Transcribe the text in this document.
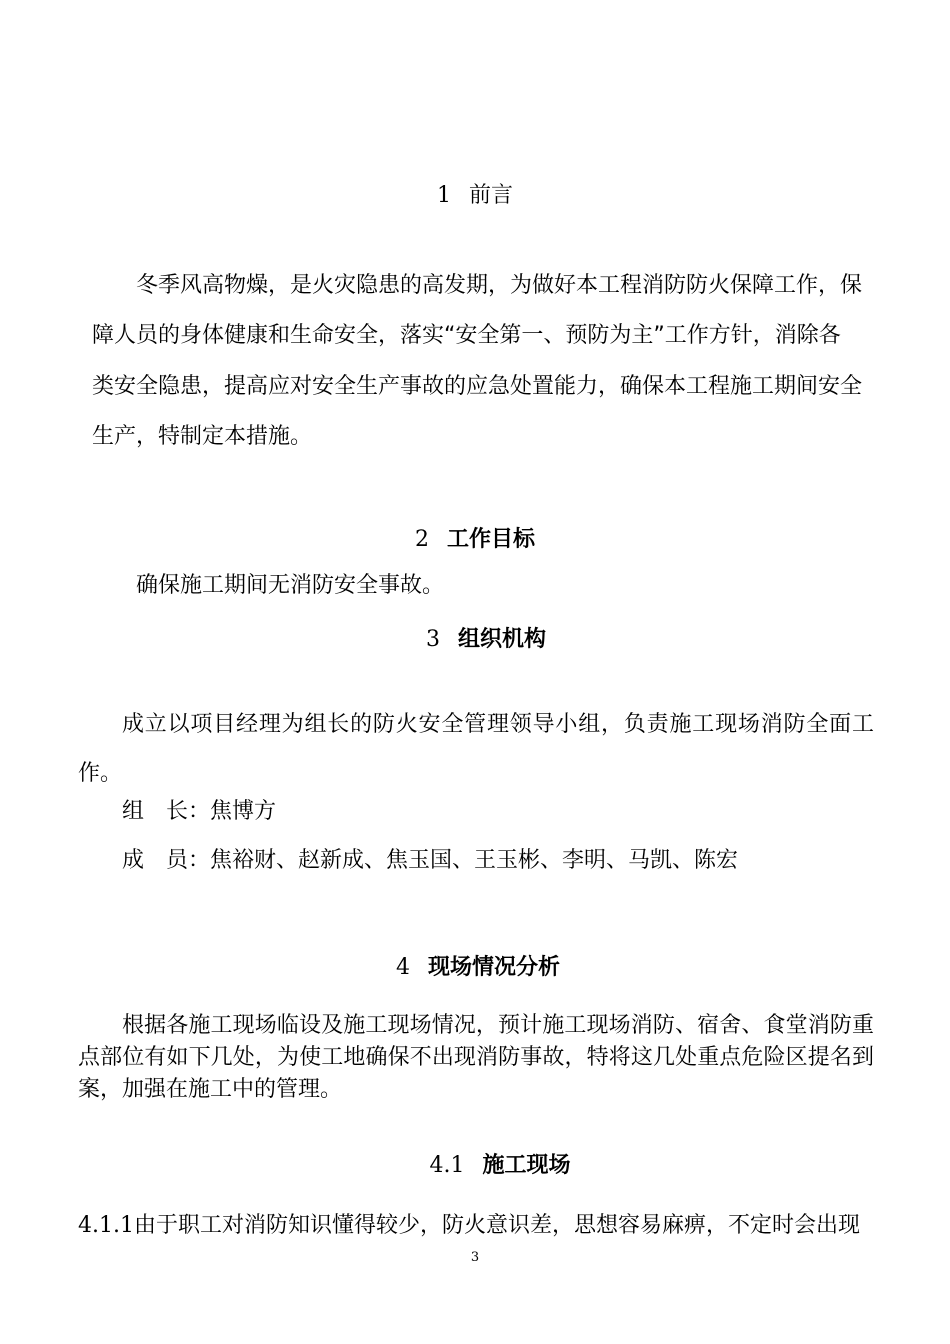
1 前言
冬季风高物燥，是火灾隐患的高发期，为做好本工程消防防火保障工作，保
障人员的身体健康和生命安全，落实“安全第一、预防为主”工作方针，消除各
类安全隐患，提高应对安全生产事故的应急处置能力，确保本工程施工期间安全
生产，特制定本措施。
2 工作目标
确保施工期间无消防安全事故。
3 组织机构
成立以项目经理为组长的防火安全管理领导小组，负责施工现场消防全面工作。
组　长：焦博方
成　员：焦裕财、赵新成、焦玉国、王玉彬、李明、马凯、陈宏
4 现场情况分析
根据各施工现场临设及施工现场情况，预计施工现场消防、宿舍、食堂消防重点部位有如下几处，为使工地确保不出现消防事故，特将这几处重点危险区提名到案，加强在施工中的管理。
4.1 施工现场
4.1.1由于职工对消防知识懂得较少，防火意识差，思想容易麻痹，不定时会出现
3
